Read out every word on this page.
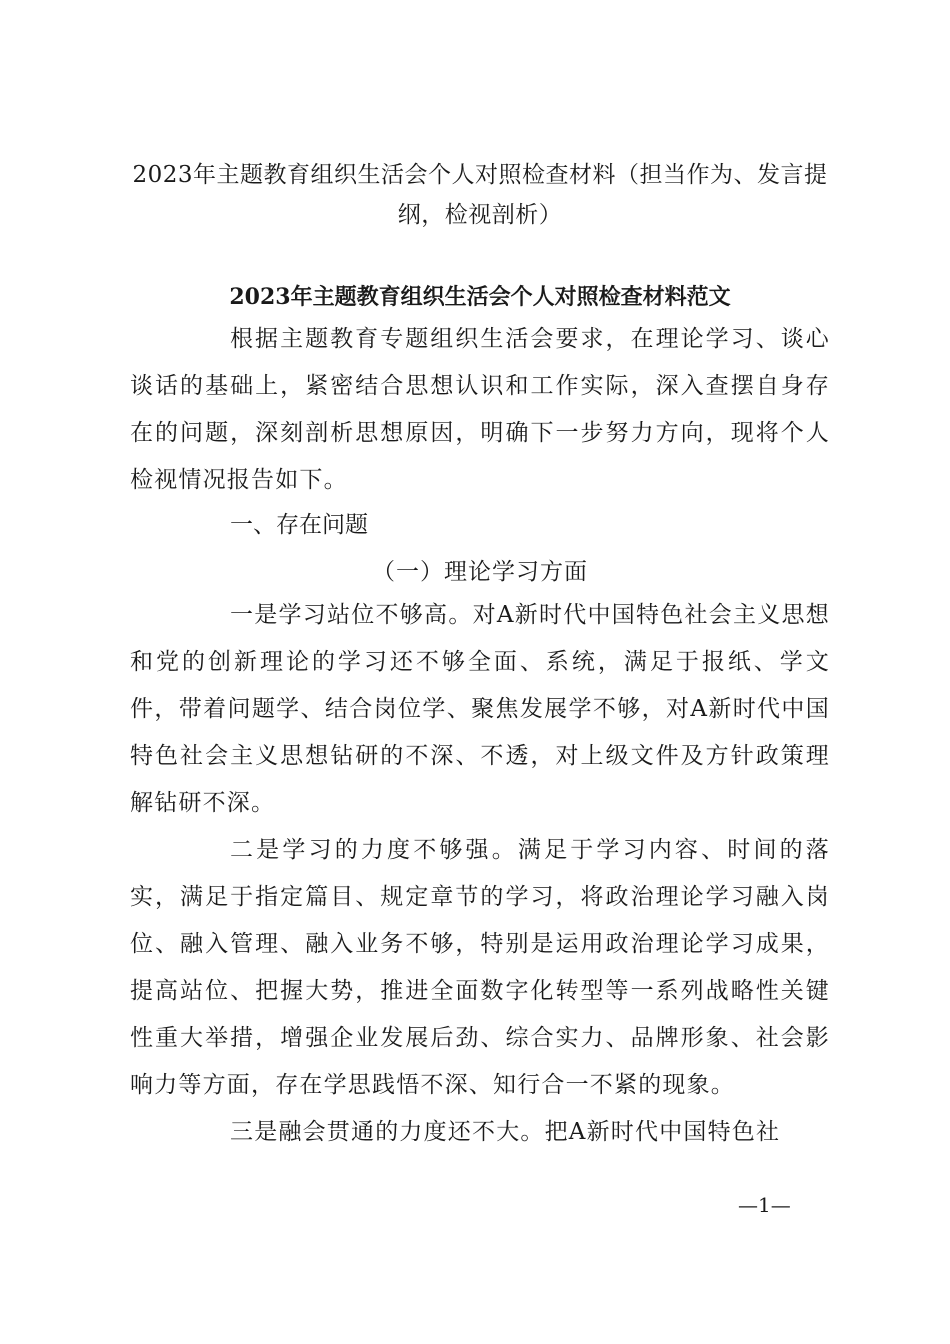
2023年主题教育组织生活会个人对照检查材料（担当作为、发言提纲，检视剖析）
2023年主题教育组织生活会个人对照检查材料范文

根据主题教育专题组织生活会要求，在理论学习、谈心谈话的基础上，紧密结合思想认识和工作实际，深入查摆自身存在的问题，深刻剖析思想原因，明确下一步努力方向，现将个人检视情况报告如下。

一、存在问题
（一）理论学习方面

一是学习站位不够高。对A新时代中国特色社会主义思想和党的创新理论的学习还不够全面、系统，满足于报纸、学文件，带着问题学、结合岗位学、聚焦发展学不够，对A新时代中国特色社会主义思想钻研的不深、不透，对上级文件及方针政策理解钻研不深。

二是学习的力度不够强。满足于学习内容、时间的落实，满足于指定篇目、规定章节的学习，将政治理论学习融入岗位、融入管理、融入业务不够，特别是运用政治理论学习成果，提高站位、把握大势，推进全面数字化转型等一系列战略性关键性重大举措，增强企业发展后劲、综合实力、品牌形象、社会影响力等方面，存在学思践悟不深、知行合一不紧的现象。

三是融会贯通的力度还不大。把A新时代中国特色社

—1—
